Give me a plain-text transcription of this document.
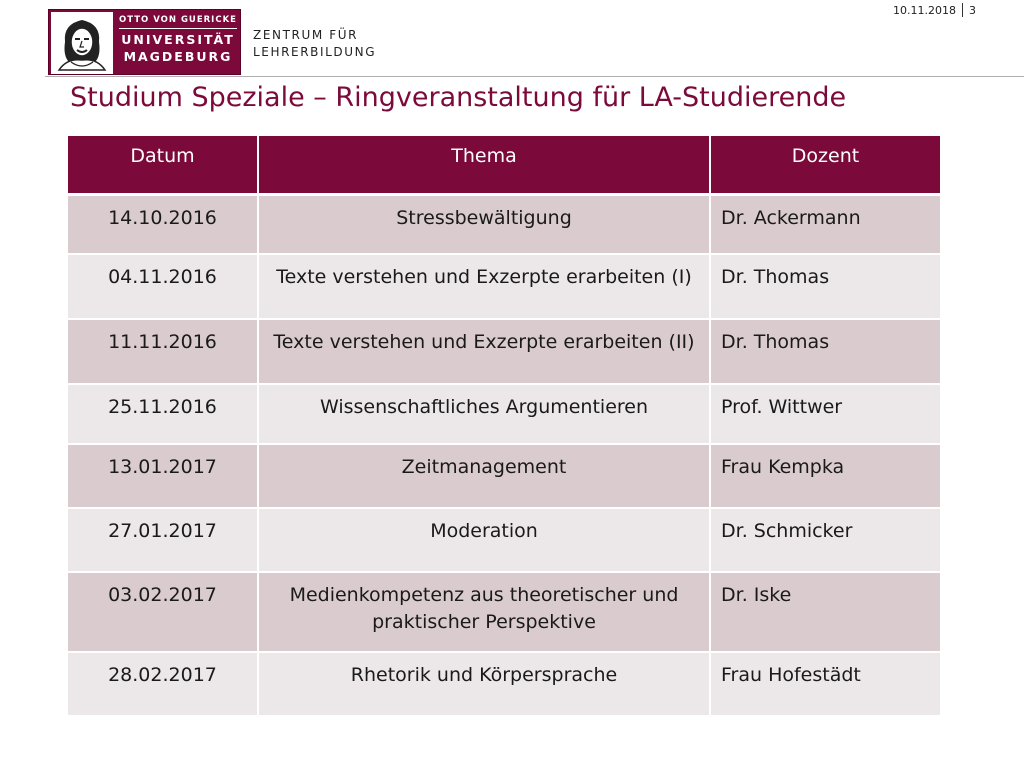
OTTO VON GUERICKE
UNIVERSITÄT
MAGDEBURG
ZENTRUM FÜR
LEHRERBILDUNG
10.11.2018 3
Studium Speziale – Ringveranstaltung für LA-Studierende
Datum	Thema	Dozent
14.10.2016	Stressbewältigung	Dr. Ackermann
04.11.2016	Texte verstehen und Exzerpte erarbeiten (I)	Dr. Thomas
11.11.2016	Texte verstehen und Exzerpte erarbeiten (II)	Dr. Thomas
25.11.2016	Wissenschaftliches Argumentieren	Prof. Wittwer
13.01.2017	Zeitmanagement	Frau Kempka
27.01.2017	Moderation	Dr. Schmicker
03.02.2017	Medienkompetenz aus theoretischer und praktischer Perspektive	Dr. Iske
28.02.2017	Rhetorik und Körpersprache	Frau Hofestädt
